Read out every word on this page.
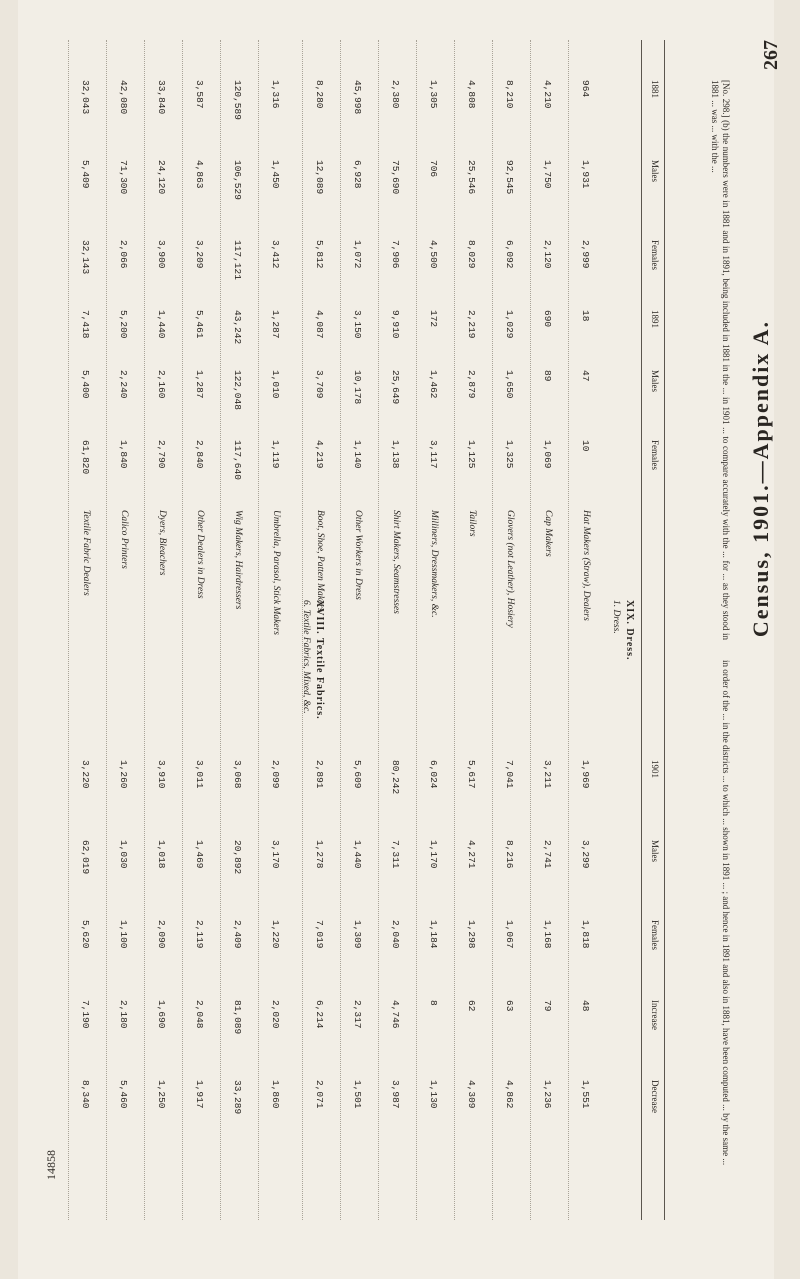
267
Census, 1901.—Appendix A.
14858
[No. 298.] (b) the numbers were in 1881 and in 1891, being included in 1881 in the ... in 1901 ... to compare accurately with the ... for ... as they stood in 1881 ... was ... with the ...
in order of the ... in the districts ... to which ... shown in 1891 ... ; and hence in 1891 and also in 1881, have been computed ... by the same ...
1881
Males
Females
1891
Males
Females
1901
Males
Females
Increase
Decrease
XIX. Dress.
1. Dress.
XVIII. Textile Fabrics.
6. Textile Fabrics, Mixed, &c.
Hat Makers (Straw), Dealers
964
1,931
2,999
18
47
10
1,969
3,299
1,818
48
1,551
Cap Makers
4,210
1,750
2,120
690
89
1,069
3,211
2,741
1,168
79
1,236
Glovers (not Leather), Hosiery
8,210
92,545
6,092
1,029
1,650
1,325
7,041
8,216
1,067
63
4,862
Tailors
4,808
25,546
8,029
2,219
2,879
1,125
5,617
4,271
1,298
62
4,309
Milliners, Dressmakers, &c.
1,305
706
4,500
172
1,462
3,117
6,024
1,170
1,184
8
1,130
Shirt Makers, Seamstresses
2,380
75,690
7,906
9,910
25,649
1,138
80,242
7,311
2,040
4,746
3,987
Other Workers in Dress
45,998
6,928
1,072
3,150
10,178
1,140
5,609
1,440
1,309
2,317
1,501
Boot, Shoe, Patten Makers
8,280
12,089
5,812
4,087
3,709
4,219
2,891
1,278
7,019
6,214
2,071
Umbrella, Parasol, Stick Makers
1,316
1,450
3,412
1,287
1,010
1,119
2,099
3,170
1,220
2,020
1,860
Wig Makers, Hairdressers
120,589
106,529
117,121
43,242
122,048
117,640
3,068
20,892
2,409
81,089
33,289
Other Dealers in Dress
3,587
4,863
3,209
5,461
1,287
2,840
3,011
1,469
2,119
2,048
1,917
Dyers, Bleachers
33,840
24,120
3,900
1,440
2,160
2,790
3,910
1,018
2,090
1,690
1,250
Calico Printers
42,080
71,300
2,066
5,200
2,240
1,840
1,260
1,030
1,100
2,180
5,460
Textile Fabric Dealers
32,043
5,409
32,143
7,418
5,400
61,820
3,220
62,019
5,620
7,190
8,340
